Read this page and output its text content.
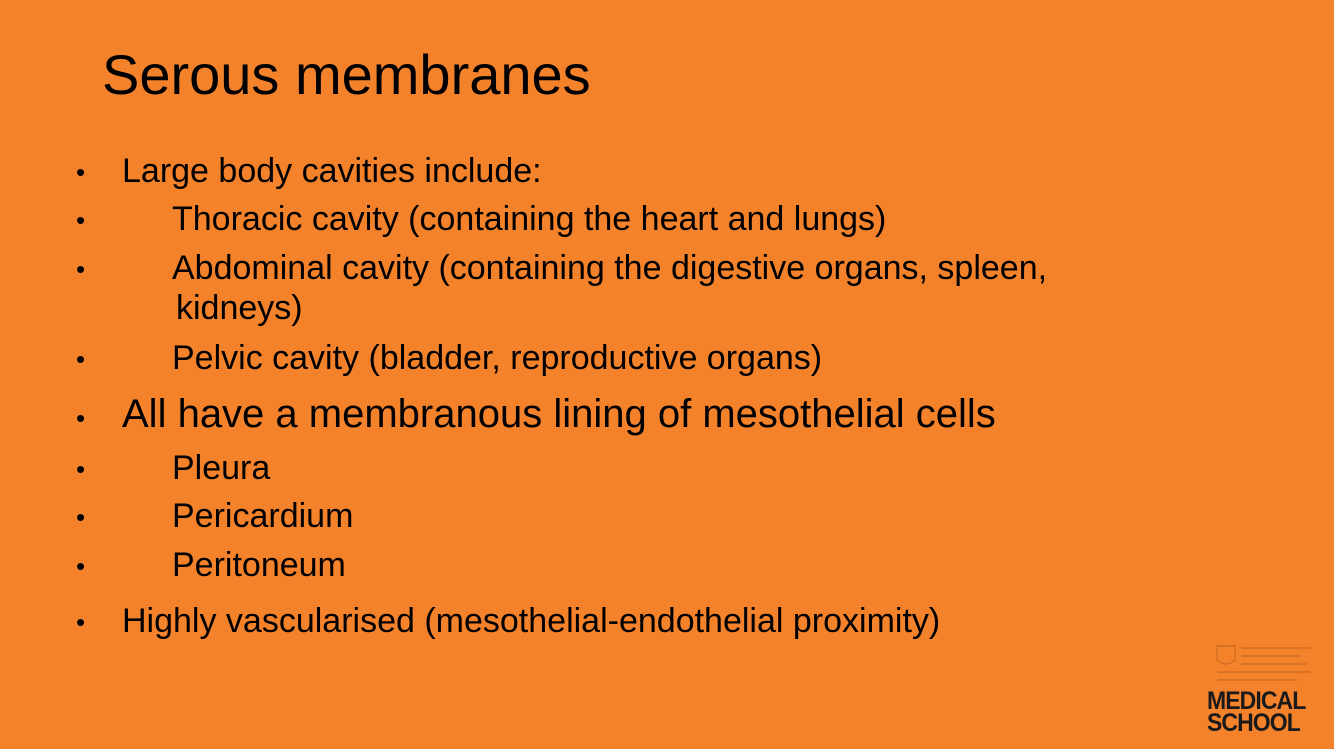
Serous membranes
• Large body cavities include:
•	Thoracic cavity (containing the heart and lungs)
•	Abdominal cavity (containing the digestive organs, spleen,
kidneys)
•	Pelvic cavity (bladder, reproductive organs)
• All have a membranous lining of mesothelial cells
•	Pleura
•	Pericardium
•	Peritoneum
• Highly vascularised (mesothelial-endothelial proximity)
MEDICAL
SCHOOL
